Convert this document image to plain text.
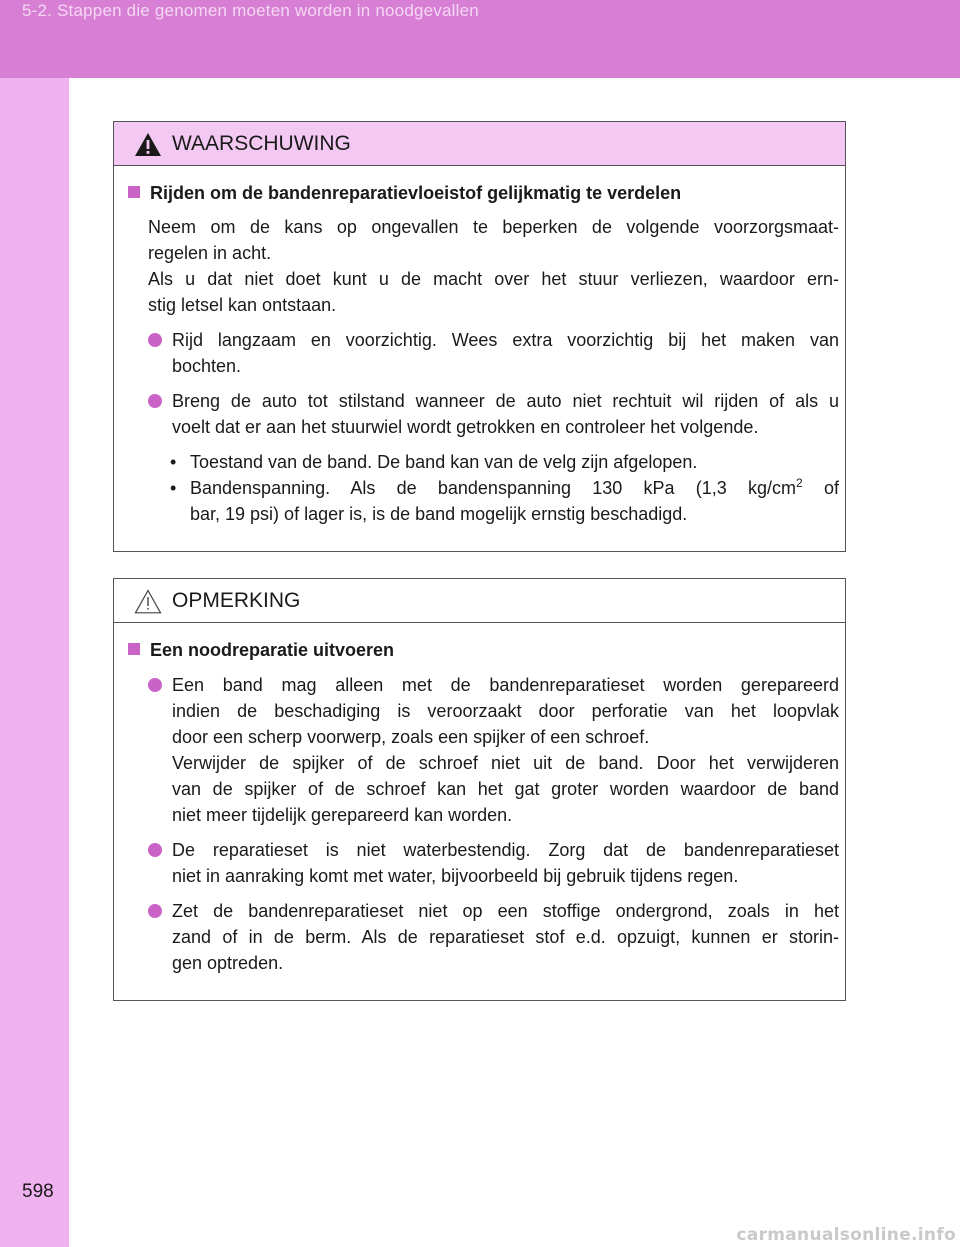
5-2. Stappen die genomen moeten worden in noodgevallen
598
WAARSCHUWING
Rijden om de bandenreparatievloeistof gelijkmatig te verdelen
Neem om de kans op ongevallen te beperken de volgende voorzorgsmaat-
regelen in acht.
Als u dat niet doet kunt u de macht over het stuur verliezen, waardoor ern-
stig letsel kan ontstaan.
Rijd langzaam en voorzichtig. Wees extra voorzichtig bij het maken van
bochten.
Breng de auto tot stilstand wanneer de auto niet rechtuit wil rijden of als u
voelt dat er aan het stuurwiel wordt getrokken en controleer het volgende.
• Toestand van de band. De band kan van de velg zijn afgelopen.
• Bandenspanning. Als de bandenspanning 130 kPa (1,3 $kg/cm^2$ of
bar, 19 psi) of lager is, is de band mogelijk ernstig beschadigd.
OPMERKING
Een noodreparatie uitvoeren
Een band mag alleen met de bandenreparatieset worden gerepareerd
indien de beschadiging is veroorzaakt door perforatie van het loopvlak
door een scherp voorwerp, zoals een spijker of een schroef.
Verwijder de spijker of de schroef niet uit de band. Door het verwijderen
van de spijker of de schroef kan het gat groter worden waardoor de band
niet meer tijdelijk gerepareerd kan worden.
De reparatieset is niet waterbestendig. Zorg dat de bandenreparatieset
niet in aanraking komt met water, bijvoorbeeld bij gebruik tijdens regen.
Zet de bandenreparatieset niet op een stoffige ondergrond, zoals in het
zand of in de berm. Als de reparatieset stof e.d. opzuigt, kunnen er storin-
gen optreden.
carmanualsonline.info
